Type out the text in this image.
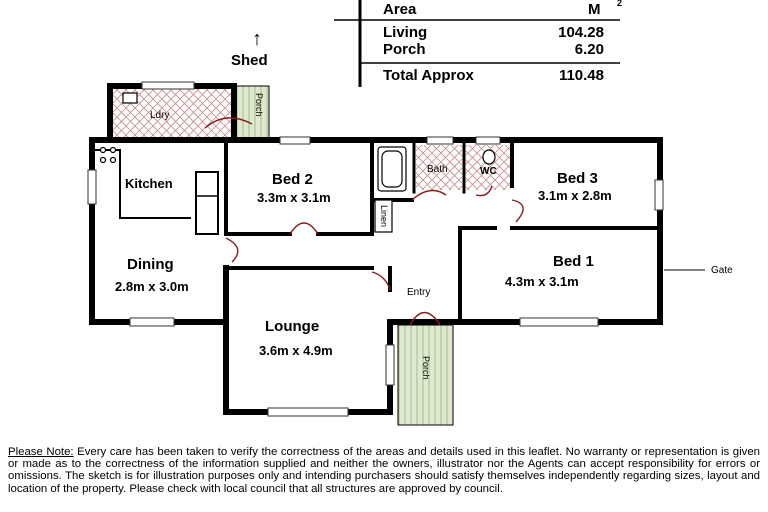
Area	M 2
Living	104.28
Porch	6.20
Total Approx	110.48
↑
Shed
Ldry	Porch
Kitchen	Bed 2
3.3m x 3.1m
Bath	WC	Bed 3
3.1m x 2.8m
Linen
Dining
2.8m x 3.0m
Bed 1
4.3m x 3.1m
Entry
Lounge
3.6m x 4.9m
Porch
Gate
Please Note: Every care has been taken to verify the correctness of the areas and details used in this leaflet. No warranty or representation is given or made as to the correctness of the information supplied and neither the owners, illustrator nor the Agents can accept responsibility for errors or omissions. The sketch is for illustration purposes only and intending purchasers should satisfy themselves independently regarding sizes, layout and location of the property. Please check with local council that all structures are approved by council.
